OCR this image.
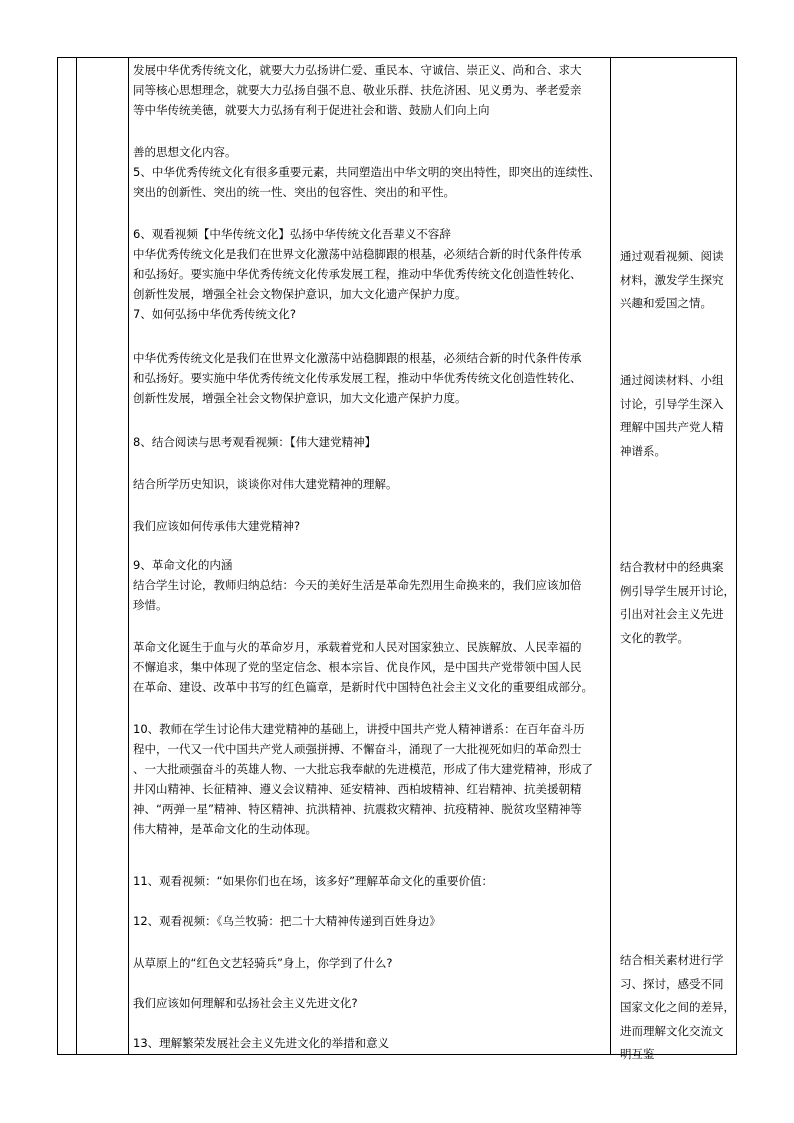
发展中华优秀传统文化，就要大力弘扬讲仁爱、重民本、守诚信、崇正义、尚和合、求大
同等核心思想理念，就要大力弘扬自强不息、敬业乐群、扶危济困、见义勇为、孝老爱亲
等中华传统美德，就要大力弘扬有利于促进社会和谐、鼓励人们向上向
善的思想文化内容。
5、中华优秀传统文化有很多重要元素，共同塑造出中华文明的突出特性，即突出的连续性、
突出的创新性、突出的统一性、突出的包容性、突出的和平性。
6、观看视频【中华传统文化】弘扬中华传统文化吾辈义不容辞
中华优秀传统文化是我们在世界文化激荡中站稳脚跟的根基，必须结合新的时代条件传承
和弘扬好。要实施中华优秀传统文化传承发展工程，推动中华优秀传统文化创造性转化、
创新性发展，增强全社会文物保护意识，加大文化遗产保护力度。
7、如何弘扬中华优秀传统文化?
中华优秀传统文化是我们在世界文化激荡中站稳脚跟的根基，必须结合新的时代条件传承
和弘扬好。要实施中华优秀传统文化传承发展工程，推动中华优秀传统文化创造性转化、
创新性发展，增强全社会文物保护意识，加大文化遗产保护力度。
8、结合阅读与思考观看视频：【伟大建党精神】
结合所学历史知识，谈谈你对伟大建党精神的理解。
我们应该如何传承伟大建党精神?
9、革命文化的内涵
结合学生讨论，教师归纳总结：今天的美好生活是革命先烈用生命换来的，我们应该加倍
珍惜。
革命文化诞生于血与火的革命岁月，承载着党和人民对国家独立、民族解放、人民幸福的
不懈追求，集中体现了党的坚定信念、根本宗旨、优良作风，是中国共产党带领中国人民
在革命、建设、改革中书写的红色篇章，是新时代中国特色社会主义文化的重要组成部分。
10、教师在学生讨论伟大建党精神的基础上，讲授中国共产党人精神谱系：在百年奋斗历
程中，一代又一代中国共产党人顽强拼搏、不懈奋斗，涌现了一大批视死如归的革命烈士
、一大批顽强奋斗的英雄人物、一大批忘我奉献的先进模范，形成了伟大建党精神，形成了
井冈山精神、长征精神、遵义会议精神、延安精神、西柏坡精神、红岩精神、抗美援朝精
神、“两弹一星”精神、特区精神、抗洪精神、抗震救灾精神、抗疫精神、脱贫攻坚精神等
伟大精神，是革命文化的生动体现。
11、观看视频：“如果你们也在场，该多好”理解革命文化的重要价值：
12、观看视频：《乌兰牧骑：把二十大精神传递到百姓身边》
从草原上的“红色文艺轻骑兵”身上，你学到了什么?
我们应该如何理解和弘扬社会主义先进文化?
13、理解繁荣发展社会主义先进文化的举措和意义
通过观看视频、阅读
材料，激发学生探究
兴趣和爱国之情。
通过阅读材料、小组
讨论，引导学生深入
理解中国共产党人精
神谱系。
结合教材中的经典案
例引导学生展开讨论，
引出对社会主义先进
文化的教学。
结合相关素材进行学
习、探讨，感受不同
国家文化之间的差异，
进而理解文化交流文
明互鉴
